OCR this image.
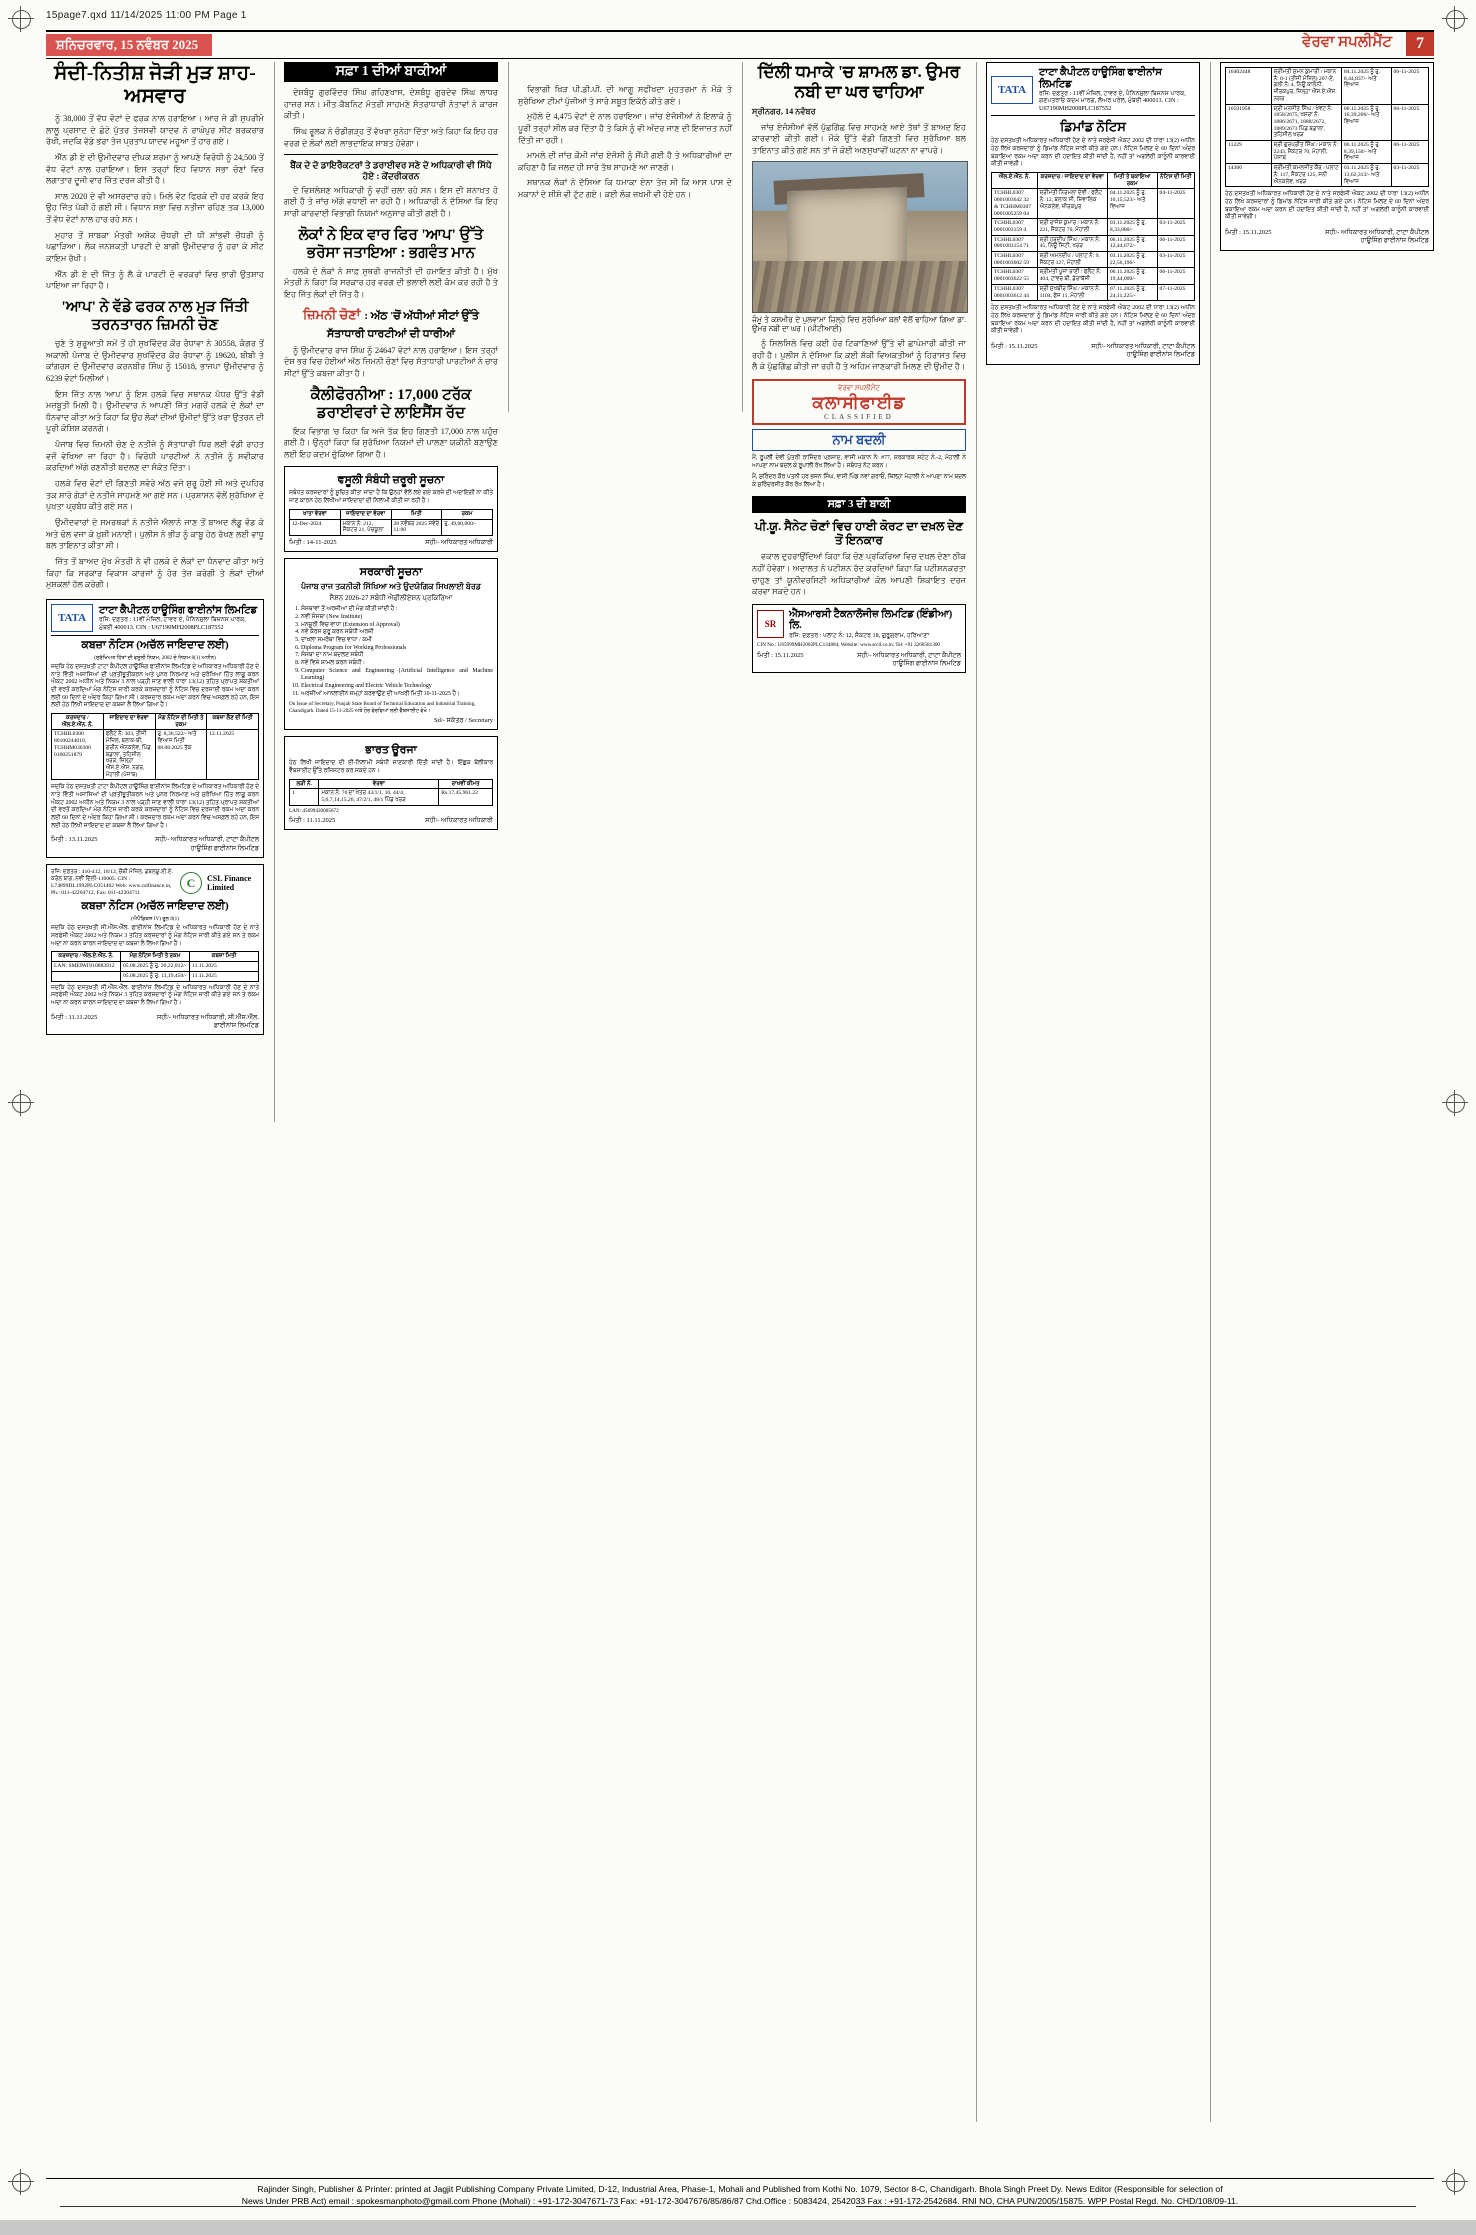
15page7.qxd 11/14/2025 11:00 PM Page 1
ਸ਼ਨਿਚਰਵਾਰ, 15 ਨਵੰਬਰ 2025	ਵੇਰਵਾ ਸਪਲੀਮੈਂਟ	7
ਸੰਦੀ-ਨਿਤੀਸ਼ ਜੋੜੀ ਮੁੜ ਸ਼ਾਹ-ਅਸਵਾਰ

ਨੂੰ 38,000 ਤੋਂ ਵੱਧ ਵੋਟਾਂ ਦੇ ਫਰਕ ਨਾਲ ਹਰਾਇਆ। ਆਰ ਜੇ ਡੀ ਸੁਪਰੀਮੋ ਲਾਲੂ ਪ੍ਰਸਾਦ ਦੇ ਛੋਟੇ ਪੁੱਤਰ ਤੇਜਸਵੀ ਯਾਦਵ ਨੇ ਰਾਘੋਪੁਰ ਸੀਟ ਬਰਕਰਾਰ ਰੱਖੀ, ਜਦਕਿ ਵੱਡੇ ਭਰਾ ਤੇਜ ਪ੍ਰਤਾਪ ਯਾਦਵ ਮਹੂਆ ਤੋਂ ਹਾਰ ਗਏ।

ਐੱਨ ਡੀ ਏ ਦੀ ਉਮੀਦਵਾਰ ਦੀਪਕ ਸ਼ਰਮਾ ਨੂੰ ਆਪਣੇ ਵਿਰੋਧੀ ਨੂੰ 24,500 ਤੋਂ ਵੱਧ ਵੋਟਾਂ ਨਾਲ ਹਰਾਇਆ। ਇਸ ਤਰ੍ਹਾਂ ਇਹ ਵਿਧਾਨ ਸਭਾ ਚੋਣਾਂ ਵਿਚ ਲਗਾਤਾਰ ਦੂਜੀ ਵਾਰ ਜਿੱਤ ਦਰਜ ਕੀਤੀ ਹੈ।

ਸਾਲ 2020 ਦੇ ਵੀ ਅਸਰਦਾਰ ਰਹੇ। ਮਿਲੇ ਵੋਟ ਫਿਰਕੇ ਦੀ ਹਰ ਕਰਕੇ ਇਹ ਉਹ ਜਿੱਤ ਪੱਕੀ ਹੋ ਗਈ ਸੀ। ਵਿਧਾਨ ਸਭਾ ਵਿਚ ਨਤੀਜਾ ਰਹਿਣ ਤਕ 13,000 ਤੋਂ ਵੱਧ ਵੋਟਾਂ ਨਾਲ ਹਾਰ ਰਹੇ ਸਨ।

ਮੁਹਾਰ ਤੋਂ ਸਾਬਕਾ ਮੰਤਰੀ ਅਸ਼ੋਕ ਚੌਧਰੀ ਦੀ ਧੀ ਸ਼ਾਂਭਵੀ ਚੌਧਰੀ ਨੂੰ ਪਛਾੜਿਆ। ਲੋਕ ਜਨਸ਼ਕਤੀ ਪਾਰਟੀ ਦੇ ਬਾਗੀ ਉਮੀਦਵਾਰ ਨੂੰ ਹਰਾ ਕੇ ਸੀਟ ਕਾਇਮ ਰੱਖੀ।

ਐੱਨ ਡੀ ਏ ਦੀ ਜਿੱਤ ਨੂੰ ਲੈ ਕੇ ਪਾਰਟੀ ਦੇ ਵਰਕਰਾਂ ਵਿਚ ਭਾਰੀ ਉਤਸ਼ਾਹ ਪਾਇਆ ਜਾ ਰਿਹਾ ਹੈ।

'ਆਪ' ਨੇ ਵੱਡੇ ਫਰਕ ਨਾਲ ਮੁੜ ਜਿੱਤੀ ਤਰਨਤਾਰਨ ਜ਼ਿਮਨੀ ਚੋਣ

ਚੁਣੇ ਤੇ ਸ਼ੁਰੂਆਤੀ ਸਮੇਂ ਤੋਂ ਹੀ ਸੁਖਵਿੰਦਰ ਕੌਰ ਰੰਧਾਵਾ ਨੇ 30558, ਕੰਗਰ ਤੋਂ ਅਕਾਲੀ ਪੰਜਾਬ ਦੇ ਉਮੀਦਵਾਰ ਸੁਖਵਿੰਦਰ ਕੌਰ ਰੰਧਾਵਾ ਨੂੰ 19620, ਬੀਬੀ ਤੇ ਕਾਂਗਰਸ ਦੇ ਉਮੀਦਵਾਰ ਕਰਨਬੀਰ ਸਿੰਘ ਨੂੰ 15018, ਭਾਜਪਾ ਉਮੀਦਵਾਰ ਨੂੰ 6239 ਵੋਟਾਂ ਮਿਲੀਆਂ।

ਇਸ ਜਿੱਤ ਨਾਲ 'ਆਪ' ਨੂੰ ਇਸ ਹਲਕੇ ਵਿਚ ਸਥਾਨਕ ਪੱਧਰ ਉੱਤੇ ਵੱਡੀ ਮਜ਼ਬੂਤੀ ਮਿਲੀ ਹੈ। ਉਮੀਦਵਾਰ ਨੇ ਆਪਣੀ ਜਿੱਤ ਮਗਰੋਂ ਹਲਕੇ ਦੇ ਲੋਕਾਂ ਦਾ ਧੰਨਵਾਦ ਕੀਤਾ ਅਤੇ ਕਿਹਾ ਕਿ ਉਹ ਲੋਕਾਂ ਦੀਆਂ ਉਮੀਦਾਂ ਉੱਤੇ ਖਰਾ ਉਤਰਨ ਦੀ ਪੂਰੀ ਕੋਸ਼ਿਸ਼ ਕਰਨਗੇ।

ਪੰਜਾਬ ਵਿਚ ਜ਼ਿਮਨੀ ਚੋਣ ਦੇ ਨਤੀਜੇ ਨੂੰ ਸੱਤਾਧਾਰੀ ਧਿਰ ਲਈ ਵੱਡੀ ਰਾਹਤ ਵਜੋਂ ਵੇਖਿਆ ਜਾ ਰਿਹਾ ਹੈ। ਵਿਰੋਧੀ ਪਾਰਟੀਆਂ ਨੇ ਨਤੀਜੇ ਨੂੰ ਸਵੀਕਾਰ ਕਰਦਿਆਂ ਅੱਗੇ ਰਣਨੀਤੀ ਬਦਲਣ ਦਾ ਸੰਕੇਤ ਦਿੱਤਾ।

ਹਲਕੇ ਵਿਚ ਵੋਟਾਂ ਦੀ ਗਿਣਤੀ ਸਵੇਰੇ ਅੱਠ ਵਜੇ ਸ਼ੁਰੂ ਹੋਈ ਸੀ ਅਤੇ ਦੁਪਹਿਰ ਤਕ ਸਾਰੇ ਗੇੜਾਂ ਦੇ ਨਤੀਜੇ ਸਾਹਮਣੇ ਆ ਗਏ ਸਨ। ਪ੍ਰਸ਼ਾਸਨ ਵੱਲੋਂ ਸੁਰੱਖਿਆ ਦੇ ਪੁਖ਼ਤਾ ਪ੍ਰਬੰਧ ਕੀਤੇ ਗਏ ਸਨ।

ਉਮੀਦਵਾਰਾਂ ਦੇ ਸਮਰਥਕਾਂ ਨੇ ਨਤੀਜੇ ਐਲਾਨੇ ਜਾਣ ਤੋਂ ਬਾਅਦ ਲੱਡੂ ਵੰਡ ਕੇ ਅਤੇ ਢੋਲ ਵਜਾ ਕੇ ਖ਼ੁਸ਼ੀ ਮਨਾਈ। ਪੁਲੀਸ ਨੇ ਭੀੜ ਨੂੰ ਕਾਬੂ ਹੇਠ ਰੱਖਣ ਲਈ ਵਾਧੂ ਬਲ ਤਾਇਨਾਤ ਕੀਤਾ ਸੀ।

ਜਿੱਤ ਤੋਂ ਬਾਅਦ ਮੁੱਖ ਮੰਤਰੀ ਨੇ ਵੀ ਹਲਕੇ ਦੇ ਲੋਕਾਂ ਦਾ ਧੰਨਵਾਦ ਕੀਤਾ ਅਤੇ ਕਿਹਾ ਕਿ ਸਰਕਾਰ ਵਿਕਾਸ ਕਾਰਜਾਂ ਨੂੰ ਹੋਰ ਤੇਜ਼ ਕਰੇਗੀ ਤੇ ਲੋਕਾਂ ਦੀਆਂ ਮੁਸ਼ਕਲਾਂ ਹੱਲ ਕਰੇਗੀ।

TATA
ਟਾਟਾ ਕੈਪੀਟਲ ਹਾਊਸਿੰਗ ਫਾਈਨਾਂਸ ਲਿਮਟਿਡ
ਰਜਿ: ਦਫ਼ਤਰ : 11ਵੀਂ ਮੰਜ਼ਿਲ, ਟਾਵਰ ਏ, ਪੈਨਿਨਸੁਲਾ ਬਿਜ਼ਨਸ ਪਾਰਕ, ਮੁੰਬਈ 400013. CIN : U67190MH2008PLC187552
ਕਬਜ਼ਾ ਨੋਟਿਸ (ਅਚੱਲ ਜਾਇਦਾਦ ਲਈ)
(ਸੁਰੱਖਿਅਤ ਹਿੱਤਾਂ ਦੀ ਵਸੂਲੀ ਨਿਯਮ, 2002 ਦੇ ਨਿਯਮ 8(1) ਅਧੀਨ)
ਜਦਕਿ ਹੇਠ ਦਸਤਖ਼ਤੀ ਟਾਟਾ ਕੈਪੀਟਲ ਹਾਊਸਿੰਗ ਫਾਈਨਾਂਸ ਲਿਮਟਿਡ ਦੇ ਅਧਿਕਾਰਤ ਅਧਿਕਾਰੀ ਹੋਣ ਦੇ ਨਾਤੇ ਵਿੱਤੀ ਅਸਾਸਿਆਂ ਦੀ ਪ੍ਰਤੀਭੂਤੀਕਰਨ ਅਤੇ ਪੁਨਰ ਨਿਰਮਾਣ ਅਤੇ ਸੁਰੱਖਿਆ ਹਿੱਤ ਲਾਗੂ ਕਰਨ ਐਕਟ 2002 ਅਧੀਨ ਅਤੇ ਨਿਯਮ 3 ਨਾਲ ਪੜ੍ਹੀ ਜਾਣ ਵਾਲੀ ਧਾਰਾ 13(12) ਤਹਿਤ ਪ੍ਰਾਪਤ ਸ਼ਕਤੀਆਂ ਦੀ ਵਰਤੋਂ ਕਰਦਿਆਂ ਮੰਗ ਨੋਟਿਸ ਜਾਰੀ ਕਰਕੇ ਕਰਜ਼ਦਾਰਾਂ ਨੂੰ ਨੋਟਿਸ ਵਿਚ ਦਰਸਾਈ ਰਕਮ ਅਦਾ ਕਰਨ ਲਈ 60 ਦਿਨਾਂ ਦੇ ਅੰਦਰ ਕਿਹਾ ਗਿਆ ਸੀ। ਕਰਜ਼ਦਾਰ ਰਕਮ ਅਦਾ ਕਰਨ ਵਿਚ ਅਸਫ਼ਲ ਰਹੇ ਹਨ, ਇਸ ਲਈ ਹੇਠ ਲਿਖੀ ਜਾਇਦਾਦ ਦਾ ਕਬਜ਼ਾ ਲੈ ਲਿਆ ਗਿਆ ਹੈ।
ਕਰਜ਼ਦਾਰ / ਐੱਲ.ਏ.ਐੱਨ. ਨੰ.	ਜਾਇਦਾਦ ਦਾ ਵੇਰਵਾ	ਮੰਗ ਨੋਟਿਸ ਦੀ ਮਿਤੀ ਤੇ ਰਕਮ	ਕਬਜ਼ਾ ਲੈਣ ਦੀ ਮਿਤੀ
TCHHL0300 801002440​10, TCHHM036300 0100251879	ਫਲੈਟ ਨੰ: 303, ਤੀਜੀ ਮੰਜ਼ਿਲ, ਬਲਾਕ-ਬੀ, ਗਰੀਨ ਐਨਕਲੇਵ, ਪਿੰਡ ਬਡਾਲਾ, ਤਹਿਸੀਲ ਖਰੜ, ਜ਼ਿਲ੍ਹਾ ਐੱਸ.ਏ.ਐੱਸ. ਨਗਰ, ਮੋਹਾਲੀ (ਪੰਜਾਬ)	ਰੁ. 8,36,522/- ਅਤੇ ਵਿਆਜ ਮਿਤੀ 08.08.2025 ਤੱਕ	12.11.2025
ਜਦਕਿ ਹੇਠ ਦਸਤਖ਼ਤੀ ਟਾਟਾ ਕੈਪੀਟਲ ਹਾਊਸਿੰਗ ਫਾਈਨਾਂਸ ਲਿਮਟਿਡ ਦੇ ਅਧਿਕਾਰਤ ਅਧਿਕਾਰੀ ਹੋਣ ਦੇ ਨਾਤੇ ਵਿੱਤੀ ਅਸਾਸਿਆਂ ਦੀ ਪ੍ਰਤੀਭੂਤੀਕਰਨ ਅਤੇ ਪੁਨਰ ਨਿਰਮਾਣ ਅਤੇ ਸੁਰੱਖਿਆ ਹਿੱਤ ਲਾਗੂ ਕਰਨ ਐਕਟ 2002 ਅਧੀਨ ਅਤੇ ਨਿਯਮ 3 ਨਾਲ ਪੜ੍ਹੀ ਜਾਣ ਵਾਲੀ ਧਾਰਾ 13(12) ਤਹਿਤ ਪ੍ਰਾਪਤ ਸ਼ਕਤੀਆਂ ਦੀ ਵਰਤੋਂ ਕਰਦਿਆਂ ਮੰਗ ਨੋਟਿਸ ਜਾਰੀ ਕਰਕੇ ਕਰਜ਼ਦਾਰਾਂ ਨੂੰ ਨੋਟਿਸ ਵਿਚ ਦਰਸਾਈ ਰਕਮ ਅਦਾ ਕਰਨ ਲਈ 60 ਦਿਨਾਂ ਦੇ ਅੰਦਰ ਕਿਹਾ ਗਿਆ ਸੀ। ਕਰਜ਼ਦਾਰ ਰਕਮ ਅਦਾ ਕਰਨ ਵਿਚ ਅਸਫ਼ਲ ਰਹੇ ਹਨ, ਇਸ ਲਈ ਹੇਠ ਲਿਖੀ ਜਾਇਦਾਦ ਦਾ ਕਬਜ਼ਾ ਲੈ ਲਿਆ ਗਿਆ ਹੈ।
ਮਿਤੀ : 13.11.2025	ਸਹੀ/- ਅਧਿਕਾਰਤ ਅਧਿਕਾਰੀ, ਟਾਟਾ ਕੈਪੀਟਲ ਹਾਊਸਿੰਗ ਫਾਈਨਾਂਸ ਲਿਮਟਿਡ
ਰਜਿ: ਦਫ਼ਤਰ : 410-412, 18/12, ਚੌਥੀ ਮੰਜ਼ਿਲ, ਡਬਲਯੂ.ਈ.ਏ. ਕਰੋਲ ਬਾਗ, ਨਵੀਂ ਦਿੱਲੀ-110005. CIN : L74899DL1992PLC051462 Web: www.cslfinance.in, Ph.: 011-42204712, Fax: 011-42204711
C	CSL Finance Limited
ਕਬਜ਼ਾ ਨੋਟਿਸ (ਅਚੱਲ ਜਾਇਦਾਦ ਲਈ)
(ਐਪੈਂਡਿਕਸ IV) ਰੂਲ 8(1)
ਜਦਕਿ ਹੇਠ ਦਸਤਖ਼ਤੀ ਸੀ.ਐੱਸ.ਐੱਲ. ਫਾਈਨਾਂਸ ਲਿਮਟਿਡ ਦੇ ਅਧਿਕਾਰਤ ਅਧਿਕਾਰੀ ਹੋਣ ਦੇ ਨਾਤੇ ਸਰਫੇਸੀ ਐਕਟ 2002 ਅਤੇ ਨਿਯਮ 3 ਤਹਿਤ ਕਰਜ਼ਦਾਰਾਂ ਨੂੰ ਮੰਗ ਨੋਟਿਸ ਜਾਰੀ ਕੀਤੇ ਗਏ ਸਨ ਤੇ ਰਕਮ ਅਦਾ ਨਾ ਕਰਨ ਕਾਰਨ ਜਾਇਦਾਦ ਦਾ ਕਬਜ਼ਾ ਲੈ ਲਿਆ ਗਿਆ ਹੈ।
ਕਰਜ਼ਦਾਰ / ਐੱਲ.ਏ.ਐੱਨ. ਨੰ.	ਮੰਗ ਨੋਟਿਸ ਮਿਤੀ ਤੇ ਰਕਮ	ਕਬਜ਼ਾ ਮਿਤੀ
LAN: SMEPAT010883912	05.08.2025 ਨੂੰ ਰੁ. 20,22,812/-	11.11.2025
	05.08.2025 ਨੂੰ ਰੁ. 13,19,450/-	11.11.2025
ਜਦਕਿ ਹੇਠ ਦਸਤਖ਼ਤੀ ਸੀ.ਐੱਸ.ਐੱਲ. ਫਾਈਨਾਂਸ ਲਿਮਟਿਡ ਦੇ ਅਧਿਕਾਰਤ ਅਧਿਕਾਰੀ ਹੋਣ ਦੇ ਨਾਤੇ ਸਰਫੇਸੀ ਐਕਟ 2002 ਅਤੇ ਨਿਯਮ 3 ਤਹਿਤ ਕਰਜ਼ਦਾਰਾਂ ਨੂੰ ਮੰਗ ਨੋਟਿਸ ਜਾਰੀ ਕੀਤੇ ਗਏ ਸਨ ਤੇ ਰਕਮ ਅਦਾ ਨਾ ਕਰਨ ਕਾਰਨ ਜਾਇਦਾਦ ਦਾ ਕਬਜ਼ਾ ਲੈ ਲਿਆ ਗਿਆ ਹੈ।
ਮਿਤੀ : 11.11.2025	ਸਹੀ/- ਅਧਿਕਾਰਤ ਅਧਿਕਾਰੀ, ਸੀ.ਐੱਸ.ਐੱਲ. ਫਾਈਨਾਂਸ ਲਿਮਟਿਡ
ਸਫ਼ਾ 1 ਦੀਆਂ ਬਾਕੀਆਂ

ਦੇਸ਼ਬੰਧੂ ਗੁਰਵਿੰਦਰ ਸਿੰਘ ਗਹਿਣਖਾਸ, ਦੇਸ਼ਬੰਧੂ ਗੁਰਦੇਵ ਸਿੰਘ ਲਾਧਰ ਹਾਜ਼ਰ ਸਨ। ਮੀਤ ਕੈਬਨਿਟ ਮੰਤਰੀ ਸਾਹਮਣੇ ਸੰਤਰਾਧਾਰੀ ਨੇਤਾਵਾਂ ਨੇ ਕਾਰਜ ਕੀਤੀ।

ਸਿੰਘ ਰੂਲਕ ਨੇ ਚੰਡੀਗੜ੍ਹ ਤੋਂ ਵੱਖਰਾ ਸੁਨੇਹਾ ਦਿੱਤਾ ਅਤੇ ਕਿਹਾ ਕਿ ਇਹ ਹਰ ਵਰਗ ਦੇ ਲੋਕਾਂ ਲਈ ਲਾਭਦਾਇਕ ਸਾਬਤ ਹੋਵੇਗਾ।

ਬੈਂਕ ਦੇ ਦੋ ਡਾਇਰੈਕਟਰਾਂ ਤੇ ਡਰਾਈਵਰ ਸਣੇ ਦੋ ਅਧਿਕਾਰੀ ਵੀ ਸਿੱਧੇ ਹੋਏ : ਕੇਂਦਰੀਕਰਨ

ਦੇ ਵਿਸ਼ਲੇਸ਼ਣ ਅਧਿਕਾਰੀ ਨੂੰ ਵਹੀਂ ਚਲਾ ਰਹੇ ਸਨ। ਇਸ ਦੀ ਸ਼ਨਾਖ਼ਤ ਹੋ ਗਈ ਹੈ ਤੇ ਜਾਂਚ ਅੱਗੇ ਵਧਾਈ ਜਾ ਰਹੀ ਹੈ। ਅਧਿਕਾਰੀ ਨੇ ਦੱਸਿਆ ਕਿ ਇਹ ਸਾਰੀ ਕਾਰਵਾਈ ਵਿਭਾਗੀ ਨਿਯਮਾਂ ਅਨੁਸਾਰ ਕੀਤੀ ਗਈ ਹੈ।

ਲੋਕਾਂ ਨੇ ਇਕ ਵਾਰ ਫਿਰ 'ਆਪ' ਉੱਤੇ ਭਰੋਸਾ ਜਤਾਇਆ : ਭਗਵੰਤ ਮਾਨ

ਹਲਕੇ ਦੇ ਲੋਕਾਂ ਨੇ ਸਾਫ਼ ਸੁਥਰੀ ਰਾਜਨੀਤੀ ਦੀ ਹਮਾਇਤ ਕੀਤੀ ਹੈ। ਮੁੱਖ ਮੰਤਰੀ ਨੇ ਕਿਹਾ ਕਿ ਸਰਕਾਰ ਹਰ ਵਰਗ ਦੀ ਭਲਾਈ ਲਈ ਕੰਮ ਕਰ ਰਹੀ ਹੈ ਤੇ ਇਹ ਜਿੱਤ ਲੋਕਾਂ ਦੀ ਜਿੱਤ ਹੈ।

ਜ਼ਿਮਨੀ ਚੋਣਾਂ : ਅੱਠ 'ਚੋਂ ਅੱਧੀਆਂ ਸੀਟਾਂ ਉੱਤੇ ਸੱਤਾਧਾਰੀ ਧਾਰਟੀਆਂ ਦੀ ਧਾਰੀਆਂ

ਨੂੰ ਉਮੀਦਵਾਰ ਰਾਜ ਸਿੰਘ ਨੂੰ 24647 ਵੋਟਾਂ ਨਾਲ ਹਰਾਇਆ। ਇਸ ਤਰ੍ਹਾਂ ਦੇਸ਼ ਭਰ ਵਿਚ ਹੋਈਆਂ ਅੱਠ ਜ਼ਿਮਨੀ ਚੋਣਾਂ ਵਿਚ ਸੱਤਾਧਾਰੀ ਪਾਰਟੀਆਂ ਨੇ ਚਾਰ ਸੀਟਾਂ ਉੱਤੇ ਕਬਜ਼ਾ ਕੀਤਾ ਹੈ।

ਕੈਲੀਫੋਰਨੀਆ : 17,000 ਟਰੱਕ ਡਰਾਈਵਰਾਂ ਦੇ ਲਾਇਸੈਂਸ ਰੱਦ

ਇਕ ਵਿਭਾਗ 'ਚ ਕਿਹਾ ਕਿ ਅਜੇ ਤੱਕ ਇਹ ਗਿਣਤੀ 17,000 ਨਾਲ ਪਹੁੰਚ ਗਈ ਹੈ। ਉਨ੍ਹਾਂ ਕਿਹਾ ਕਿ ਸੁਰੱਖਿਆ ਨਿਯਮਾਂ ਦੀ ਪਾਲਣਾ ਯਕੀਨੀ ਬਣਾਉਣ ਲਈ ਇਹ ਕਦਮ ਚੁੱਕਿਆ ਗਿਆ ਹੈ।

ਵਸੂਲੀ ਸੰਬੰਧੀ ਜ਼ਰੂਰੀ ਸੂਚਨਾ
ਸਬੰਧਤ ਕਰਜ਼ਦਾਰਾਂ ਨੂੰ ਸੂਚਿਤ ਕੀਤਾ ਜਾਂਦਾ ਹੈ ਕਿ ਉਨ੍ਹਾਂ ਵੱਲੋਂ ਲਏ ਗਏ ਕਰਜ਼ੇ ਦੀ ਅਦਾਇਗੀ ਨਾ ਕੀਤੇ ਜਾਣ ਕਾਰਨ ਹੇਠ ਲਿਖੀਆਂ ਜਾਇਦਾਦਾਂ ਦੀ ਨਿਲਾਮੀ ਕੀਤੀ ਜਾ ਰਹੀ ਹੈ।
ਖਾਤਾ ਵੇਰਵਾ	ਜਾਇਦਾਦ ਦਾ ਵੇਰਵਾ	ਮਿਤੀ	ਰਕਮ
12-Dec-2024	ਮਕਾਨ ਨੰ: 212, ਸੈਕਟਰ 21, ਪੰਚਕੂਲਾ	28 ਨਵੰਬਰ 2025 ਸਵੇਰੇ 11:00	ਰੁ. 49,00,000/-
ਮਿਤੀ : 14-11-2025	ਸਹੀ/- ਅਧਿਕਾਰਤ ਅਧਿਕਾਰੀ
ਸਰਕਾਰੀ ਸੂਚਨਾ
ਪੰਜਾਬ ਰਾਜ ਤਕਨੀਕੀ ਸਿੱਖਿਆ ਅਤੇ ਉਦਯੋਗਿਕ ਸਿਖਲਾਈ ਬੋਰਡ
ਸੈਸ਼ਨ 2026-27 ਸਬੰਧੀ ਐਫੀਲੀਏਸ਼ਨ ਪ੍ਰਕਿਰਿਆ
1. ਸੰਸਥਾਵਾਂ ਤੋਂ ਅਰਜ਼ੀਆਂ ਦੀ ਮੰਗ ਕੀਤੀ ਜਾਂਦੀ ਹੈ :
2. ਨਵੀਂ ਸੰਸਥਾ (New Institute)
3. ਮਨਜ਼ੂਰੀ ਵਿਚ ਵਾਧਾ (Extension of Approval)
4. ਨਵੇਂ ਕੋਰਸ ਸ਼ੁਰੂ ਕਰਨ ਸਬੰਧੀ ਅਰਜ਼ੀ
5. ਦਾਖ਼ਲਾ ਸਮਰੱਥਾ ਵਿਚ ਵਾਧਾ / ਕਮੀ
6. Diploma Program for Working Professionals
7. ਸੰਸਥਾ ਦਾ ਨਾਮ ਬਦਲਣ ਸਬੰਧੀ
8. ਨਵੇਂ ਵਿਸ਼ੇ ਸ਼ਾਮਲ ਕਰਨ ਸਬੰਧੀ :
9. Computer Science and Engineering (Artificial Intelligence and Machine Learning)
10. Electrical Engineering and Electric Vehicle Technology
11. ਅਰਜ਼ੀਆਂ ਆਨਲਾਈਨ ਜਮ੍ਹਾਂ ਕਰਵਾਉਣ ਦੀ ਆਖ਼ਰੀ ਮਿਤੀ 10-11-2025 ਹੈ।
On Issue of Secretary, Punjab State Board of Technical Education and Industrial Training, Chandigarh. Dated 15-11-2025 ਅਤੇ ਹੋਰ ਵੇਰਵਿਆਂ ਲਈ ਵੈੱਬਸਾਈਟ ਵੇਖੋ।
Sd/- ਸਕੱਤਰ / Secretary
ਭਾਰਤ ਊਰਜਾ
ਹੇਠ ਲਿਖੀ ਜਾਇਦਾਦ ਦੀ ਈ-ਨਿਲਾਮੀ ਸਬੰਧੀ ਜਾਣਕਾਰੀ ਦਿੱਤੀ ਜਾਂਦੀ ਹੈ। ਇੱਛੁਕ ਬੋਲੀਕਾਰ ਵੈੱਬਸਾਈਟ ਉੱਤੇ ਰਜਿਸਟਰ ਕਰ ਸਕਦੇ ਹਨ।
ਲੜੀ ਨੰ.	ਵੇਰਵਾ	ਰਾਖਵੀਂ ਕੀਮਤ
1	ਮਕਾਨ ਨੰ: 70 ਦਾ ਖੇਤਰ 43/1/1, 10, 44/4, 5,6,7,14,15,26, 47/2/1, 48/1 ਪਿੰਡ ਖਰੜ	Rs.17,45,961.22
LAN: 45699420005672
ਮਿਤੀ : 11.11.2025	ਸਹੀ/- ਅਧਿਕਾਰਤ ਅਧਿਕਾਰੀ

ਵਿਭਾਗੀ ਖਿੜ ਪੀ.ਡੀ.ਪੀ. ਦੀ ਆਗੂ ਸਫੀਖਦਾ ਮੁਹਤਰਮਾ ਨੇ ਮੌਕੇ ਤੇ ਸੁਰੱਖਿਆ ਟੀਮਾਂ ਪੁੱਜੀਆਂ ਤੇ ਸਾਰੇ ਸਬੂਤ ਇਕੱਠੇ ਕੀਤੇ ਗਏ।

ਮੁਹੱਲੇ ਦੇ 4,475 ਵੋਟਾਂ ਦੇ ਨਾਲ ਹਰਾਇਆ। ਜਾਂਚ ਏਜੰਸੀਆਂ ਨੇ ਇਲਾਕੇ ਨੂੰ ਪੂਰੀ ਤਰ੍ਹਾਂ ਸੀਲ ਕਰ ਦਿੱਤਾ ਹੈ ਤੇ ਕਿਸੇ ਨੂੰ ਵੀ ਅੰਦਰ ਜਾਣ ਦੀ ਇਜਾਜ਼ਤ ਨਹੀਂ ਦਿੱਤੀ ਜਾ ਰਹੀ।

ਮਾਮਲੇ ਦੀ ਜਾਂਚ ਕੌਮੀ ਜਾਂਚ ਏਜੰਸੀ ਨੂੰ ਸੌਂਪੀ ਗਈ ਹੈ ਤੇ ਅਧਿਕਾਰੀਆਂ ਦਾ ਕਹਿਣਾ ਹੈ ਕਿ ਜਲਦ ਹੀ ਸਾਰੇ ਤੱਥ ਸਾਹਮਣੇ ਆ ਜਾਣਗੇ।

ਸਥਾਨਕ ਲੋਕਾਂ ਨੇ ਦੱਸਿਆ ਕਿ ਧਮਾਕਾ ਏਨਾ ਤੇਜ਼ ਸੀ ਕਿ ਆਸ ਪਾਸ ਦੇ ਮਕਾਨਾਂ ਦੇ ਸ਼ੀਸ਼ੇ ਵੀ ਟੁੱਟ ਗਏ। ਕਈ ਲੋਕ ਜ਼ਖ਼ਮੀ ਵੀ ਹੋਏ ਹਨ।

ਦਿੱਲੀ ਧਮਾਕੇ 'ਚ ਸ਼ਾਮਲ ਡਾ. ਉਮਰ ਨਬੀ ਦਾ ਘਰ ਢਾਹਿਆ

ਸ੍ਰੀਨਗਰ, 14 ਨਵੰਬਰ

ਜਾਂਚ ਏਜੰਸੀਆਂ ਵੱਲੋਂ ਪੁੱਛਗਿੱਛ ਵਿਚ ਸਾਹਮਣੇ ਆਏ ਤੱਥਾਂ ਤੋਂ ਬਾਅਦ ਇਹ ਕਾਰਵਾਈ ਕੀਤੀ ਗਈ। ਮੌਕੇ ਉੱਤੇ ਵੱਡੀ ਗਿਣਤੀ ਵਿਚ ਸੁਰੱਖਿਆ ਬਲ ਤਾਇਨਾਤ ਕੀਤੇ ਗਏ ਸਨ ਤਾਂ ਜੋ ਕੋਈ ਅਣਸੁਖਾਵੀਂ ਘਟਨਾ ਨਾ ਵਾਪਰੇ।

ਜੰਮੂ ਤੇ ਕਸ਼ਮੀਰ ਦੇ ਪੁਲਵਾਮਾ ਜ਼ਿਲ੍ਹੇ ਵਿਚ ਸੁਰੱਖਿਆ ਬਲਾਂ ਵੱਲੋਂ ਢਾਹਿਆ ਗਿਆ ਡਾ. ਉਮਰ ਨਬੀ ਦਾ ਘਰ। (ਪੀਟੀਆਈ)

ਨੂੰ ਸਿਲਸਿਲੇ ਵਿਚ ਕਈ ਹੋਰ ਟਿਕਾਣਿਆਂ ਉੱਤੇ ਵੀ ਛਾਪੇਮਾਰੀ ਕੀਤੀ ਜਾ ਰਹੀ ਹੈ। ਪੁਲੀਸ ਨੇ ਦੱਸਿਆ ਕਿ ਕਈ ਸ਼ੱਕੀ ਵਿਅਕਤੀਆਂ ਨੂੰ ਹਿਰਾਸਤ ਵਿਚ ਲੈ ਕੇ ਪੁੱਛਗਿੱਛ ਕੀਤੀ ਜਾ ਰਹੀ ਹੈ ਤੇ ਅਹਿਮ ਜਾਣਕਾਰੀ ਮਿਲਣ ਦੀ ਉਮੀਦ ਹੈ।

ਵੇਰਵਾ ਸਪਲੀਮੈਂਟ
ਕਲਾਸੀਫਾਈਡ
CLASSIFIED
ਨਾਮ ਬਦਲੀ
ਮੈਂ, ਰੂਪਲੀ ਦੇਵੀ ਪੁੱਤਰੀ ਰਾਜਿੰਦਰ ਪ੍ਰਸਾਦ, ਵਾਸੀ ਮਕਾਨ ਨੰ: #77, ਸਰਕਾਰਕ ਸਟੇਟ ਨੇ.-2, ਮੋਹਾਲੀ ਨੇ ਆਪਣਾ ਨਾਮ ਬਦਲ ਕੇ ਰੂਪਾਲੀ ਰੱਖ ਲਿਆ ਹੈ। ਸਬੰਧਤ ਨੋਟ ਕਰਨ।
ਮੈਂ, ਸੁਰਿੰਦਰ ਕੌਰ ਪਤਨੀ ਹਰ ਭਜਨ ਸਿੰਘ, ਵਾਸੀ ਪਿੰਡ ਨਵਾਂ ਗਰਾਓਂ, ਜ਼ਿਲ੍ਹਾ ਮੋਹਾਲੀ ਨੇ ਆਪਣਾ ਨਾਮ ਬਦਲ ਕੇ ਸੁਰਿੰਦਰਜੀਤ ਕੌਰ ਰੱਖ ਲਿਆ ਹੈ।
ਸਫ਼ਾ 3 ਦੀ ਬਾਕੀ
ਪੀ.ਯੂ. ਸੈਨੇਟ ਚੋਣਾਂ ਵਿਚ ਹਾਈ ਕੋਰਟ ਦਾ ਦਖ਼ਲ ਦੇਣ ਤੋਂ ਇਨਕਾਰ

ਵਕਾਲ ਦੁਹਰਾਉਂਦਿਆਂ ਕਿਹਾ ਕਿ ਚੋਣ ਪ੍ਰਕਿਰਿਆ ਵਿਚ ਦਖ਼ਲ ਦੇਣਾ ਠੀਕ ਨਹੀਂ ਹੋਵੇਗਾ। ਅਦਾਲਤ ਨੇ ਪਟੀਸ਼ਨ ਰੱਦ ਕਰਦਿਆਂ ਕਿਹਾ ਕਿ ਪਟੀਸ਼ਨਕਰਤਾ ਚਾਹੁਣ ਤਾਂ ਯੂਨੀਵਰਸਿਟੀ ਅਧਿਕਾਰੀਆਂ ਕੋਲ ਆਪਣੀ ਸ਼ਿਕਾਇਤ ਦਰਜ ਕਰਵਾ ਸਕਦੇ ਹਨ।

SR
ਐੱਸਆਰਸੀ ਟੈਕਨਾਲੋਜੀਜ਼ ਲਿਮਟਿਡ (ਇੰਡੀਆ) ਲਿ.
ਰਜਿ: ਦਫ਼ਤਰ : ਪਲਾਟ ਨੰ: 12, ਸੈਕਟਰ 18, ਗੁਰੂਗ੍ਰਾਮ, ਹਰਿਆਣਾ
CIN No.: U65999MH2002PLC134884; Website: www.srcil.co.in; Tel: +91 2268581300
ਮਿਤੀ : 15.11.2025	ਸਹੀ/- ਅਧਿਕਾਰਤ ਅਧਿਕਾਰੀ, ਟਾਟਾ ਕੈਪੀਟਲ ਹਾਊਸਿੰਗ ਫਾਈਨਾਂਸ ਲਿਮਟਿਡ
TATA
ਟਾਟਾ ਕੈਪੀਟਲ ਹਾਊਸਿੰਗ ਫਾਈਨਾਂਸ ਲਿਮਟਿਡ
ਰਜਿ: ਦਫ਼ਤਰ : 11ਵੀਂ ਮੰਜ਼ਿਲ, ਟਾਵਰ ਏ, ਪੈਨਿਨਸੁਲਾ ਬਿਜ਼ਨਸ ਪਾਰਕ, ਗਣਪਤਰਾਓ ਕਦਮ ਮਾਰਗ, ਲੋਅਰ ਪਰੇਲ, ਮੁੰਬਈ 400013. CIN : U67190MH2008PLC187552
ਡਿਮਾਂਡ ਨੋਟਿਸ
ਹੇਠ ਦਸਤਖ਼ਤੀ ਅਧਿਕਾਰਤ ਅਧਿਕਾਰੀ ਹੋਣ ਦੇ ਨਾਤੇ ਸਰਫੇਸੀ ਐਕਟ 2002 ਦੀ ਧਾਰਾ 13(2) ਅਧੀਨ ਹੇਠ ਲਿਖੇ ਕਰਜ਼ਦਾਰਾਂ ਨੂੰ ਡਿਮਾਂਡ ਨੋਟਿਸ ਜਾਰੀ ਕੀਤੇ ਗਏ ਹਨ। ਨੋਟਿਸ ਮਿਲਣ ਦੇ 60 ਦਿਨਾਂ ਅੰਦਰ ਬਕਾਇਆ ਰਕਮ ਅਦਾ ਕਰਨ ਦੀ ਹਦਾਇਤ ਕੀਤੀ ਜਾਂਦੀ ਹੈ, ਨਹੀਂ ਤਾਂ ਅਗਲੇਰੀ ਕਾਨੂੰਨੀ ਕਾਰਵਾਈ ਕੀਤੀ ਜਾਵੇਗੀ।
ਐੱਲ.ਏ.ਐੱਨ. ਨੰ.	ਕਰਜ਼ਦਾਰ / ਜਾਇਦਾਦ ਦਾ ਵੇਰਵਾ	ਮਿਤੀ ਤੇ ਬਕਾਇਆ ਰਕਮ	ਨੋਟਿਸ ਦੀ ਮਿਤੀ
TCHHL0307 0001003642 32 & TCHHM0307 0001005259 04	ਸ਼੍ਰੀਮਤੀ ਨਿਰਮਲਾ ਦੇਵੀ / ਫਲੈਟ ਨੰ: 12, ਬਲਾਕ ਸੀ, ਸ਼ਿਵਾਲਿਕ ਐਨਕਲੇਵ, ਜ਼ੀਰਕਪੁਰ	04.11.2025 ਨੂੰ ਰੁ. 10,15,523/- ਅਤੇ ਵਿਆਜ	04-11-2025
TCHHL0307 0001003159 4	ਸ਼੍ਰੀ ਰਾਜੇਸ਼ ਕੁਮਾਰ / ਮਕਾਨ ਨੰ: 221, ਸੈਕਟਰ 70, ਮੋਹਾਲੀ	03.11.2025 ਨੂੰ ਰੁ. 8,33,880/-	03-11-2025
TCHHL0307 0001003154 71	ਸ਼੍ਰੀ ਹਰਦੀਪ ਸਿੰਘ / ਮਕਾਨ ਨੰ: 45, ਨਿਊ ਸਿਟੀ, ਖਰੜ	06.11.2025 ਨੂੰ ਰੁ. 12,44,672/-	06-11-2025
TCHHL0307 0001003602 59	ਸ਼੍ਰੀ ਅਮਨਦੀਪ / ਪਲਾਟ ਨੰ: 9, ਸੈਕਟਰ 127, ਮੋਹਾਲੀ	03.11.2025 ਨੂੰ ਰੁ. 22,56,196/-	03-11-2025
TCHHL0307 0001003622 55	ਸ਼੍ਰੀਮਤੀ ਪੂਜਾ ਰਾਣੀ / ਫਲੈਟ ਨੰ: 404, ਟਾਵਰ ਬੀ, ਡੇਰਾਬੱਸੀ	06.11.2025 ਨੂੰ ਰੁ. 19,44,000/-	06-11-2025
TCHHL0307 0001003612 44	ਸ਼੍ਰੀ ਸੁਖਬੀਰ ਸਿੰਘ / ਮਕਾਨ ਨੰ: 1104, ਫੇਜ਼ 11, ਮੋਹਾਲੀ	07.11.2025 ਨੂੰ ਰੁ. 24,11,225/-	07-11-2025
ਹੇਠ ਦਸਤਖ਼ਤੀ ਅਧਿਕਾਰਤ ਅਧਿਕਾਰੀ ਹੋਣ ਦੇ ਨਾਤੇ ਸਰਫੇਸੀ ਐਕਟ 2002 ਦੀ ਧਾਰਾ 13(2) ਅਧੀਨ ਹੇਠ ਲਿਖੇ ਕਰਜ਼ਦਾਰਾਂ ਨੂੰ ਡਿਮਾਂਡ ਨੋਟਿਸ ਜਾਰੀ ਕੀਤੇ ਗਏ ਹਨ। ਨੋਟਿਸ ਮਿਲਣ ਦੇ 60 ਦਿਨਾਂ ਅੰਦਰ ਬਕਾਇਆ ਰਕਮ ਅਦਾ ਕਰਨ ਦੀ ਹਦਾਇਤ ਕੀਤੀ ਜਾਂਦੀ ਹੈ, ਨਹੀਂ ਤਾਂ ਅਗਲੇਰੀ ਕਾਨੂੰਨੀ ਕਾਰਵਾਈ ਕੀਤੀ ਜਾਵੇਗੀ।
ਮਿਤੀ : 15.11.2025	ਸਹੀ/- ਅਧਿਕਾਰਤ ਅਧਿਕਾਰੀ, ਟਾਟਾ ਕੈਪੀਟਲ ਹਾਊਸਿੰਗ ਫਾਈਨਾਂਸ ਲਿਮਟਿਡ
16402448	ਸ਼੍ਰੀਮਤੀ ਸੁਮਨ ਕੁਮਾਰੀ / ਮਕਾਨ ਨੰ: 0-1 (ਤੀਜੀ ਮੰਜ਼ਿਲ) 207-ਏ, ਗਲੀ ਨੰ: 4, ਨਿਊ ਕਾਲੋਨੀ, ਜ਼ੀਰਕਪੁਰ, ਜ਼ਿਲ੍ਹਾ ਐੱਸ.ਏ.ਐੱਸ. ਨਗਰ	04.11.2025 ਨੂੰ ਰੁ. 8,44,837/- ਅਤੇ ਵਿਆਜ	06-11-2025
10591958	ਸ਼੍ਰੀ ਮਨਜੀਤ ਸਿੰਘ / ਖੇਵਟ ਨੰ: 1858/2675, ਖਸਰਾ ਨੰ: 1886/2671, 1888/2672, 1889/2673 ਪਿੰਡ ਬਡਾਲਾ, ਤਹਿਸੀਲ ਖਰੜ	06.11.2025 ਨੂੰ ਰੁ. 16,39,206/- ਅਤੇ ਵਿਆਜ	06-11-2025
11229	ਸ਼੍ਰੀ ਗੁਰਪ੍ਰੀਤ ਸਿੰਘ / ਮਕਾਨ ਨੰ: 2243, ਸੈਕਟਰ 70, ਮੋਹਾਲੀ, ਪੰਜਾਬ	06.11.2025 ਨੂੰ ਰੁ. 8,39,150/- ਅਤੇ ਵਿਆਜ	06-11-2025
14306	ਸ਼੍ਰੀਮਤੀ ਕਮਲਜੀਤ ਕੌਰ / ਪਲਾਟ ਨੰ: 117, ਸੈਕਟਰ 125, ਸਨੀ ਐਨਕਲੇਵ, ਖਰੜ	03.11.2025 ਨੂੰ ਰੁ. 13,62,313/- ਅਤੇ ਵਿਆਜ	03-11-2025
ਹੇਠ ਦਸਤਖ਼ਤੀ ਅਧਿਕਾਰਤ ਅਧਿਕਾਰੀ ਹੋਣ ਦੇ ਨਾਤੇ ਸਰਫੇਸੀ ਐਕਟ 2002 ਦੀ ਧਾਰਾ 13(2) ਅਧੀਨ ਹੇਠ ਲਿਖੇ ਕਰਜ਼ਦਾਰਾਂ ਨੂੰ ਡਿਮਾਂਡ ਨੋਟਿਸ ਜਾਰੀ ਕੀਤੇ ਗਏ ਹਨ। ਨੋਟਿਸ ਮਿਲਣ ਦੇ 60 ਦਿਨਾਂ ਅੰਦਰ ਬਕਾਇਆ ਰਕਮ ਅਦਾ ਕਰਨ ਦੀ ਹਦਾਇਤ ਕੀਤੀ ਜਾਂਦੀ ਹੈ, ਨਹੀਂ ਤਾਂ ਅਗਲੇਰੀ ਕਾਨੂੰਨੀ ਕਾਰਵਾਈ ਕੀਤੀ ਜਾਵੇਗੀ।
ਮਿਤੀ : 15.11.2025	ਸਹੀ/- ਅਧਿਕਾਰਤ ਅਧਿਕਾਰੀ, ਟਾਟਾ ਕੈਪੀਟਲ ਹਾਊਸਿੰਗ ਫਾਈਨਾਂਸ ਲਿਮਟਿਡ
Rajinder Singh, Publisher & Printer: printed at Jagjit Publishing Company Private Limited, D-12, Industrial Area, Phase-1, Mohali and Published from Kothi No. 1079, Sector 8-C, Chandigarh. Bhola Singh Preet Dy. News Editor (Responsible for selection of
News Under PRB Act) email : spokesmanphoto@gmail.com Phone (Mohali) : +91-172-3047671-73 Fax: +91-172-3047676/85/86/87 Chd.Office : 5083424, 2542033 Fax : +91-172-2542684. RNI NO, CHA PUN/2005/15875. WPP Postal Regd. No. CHD/108/09-11.
